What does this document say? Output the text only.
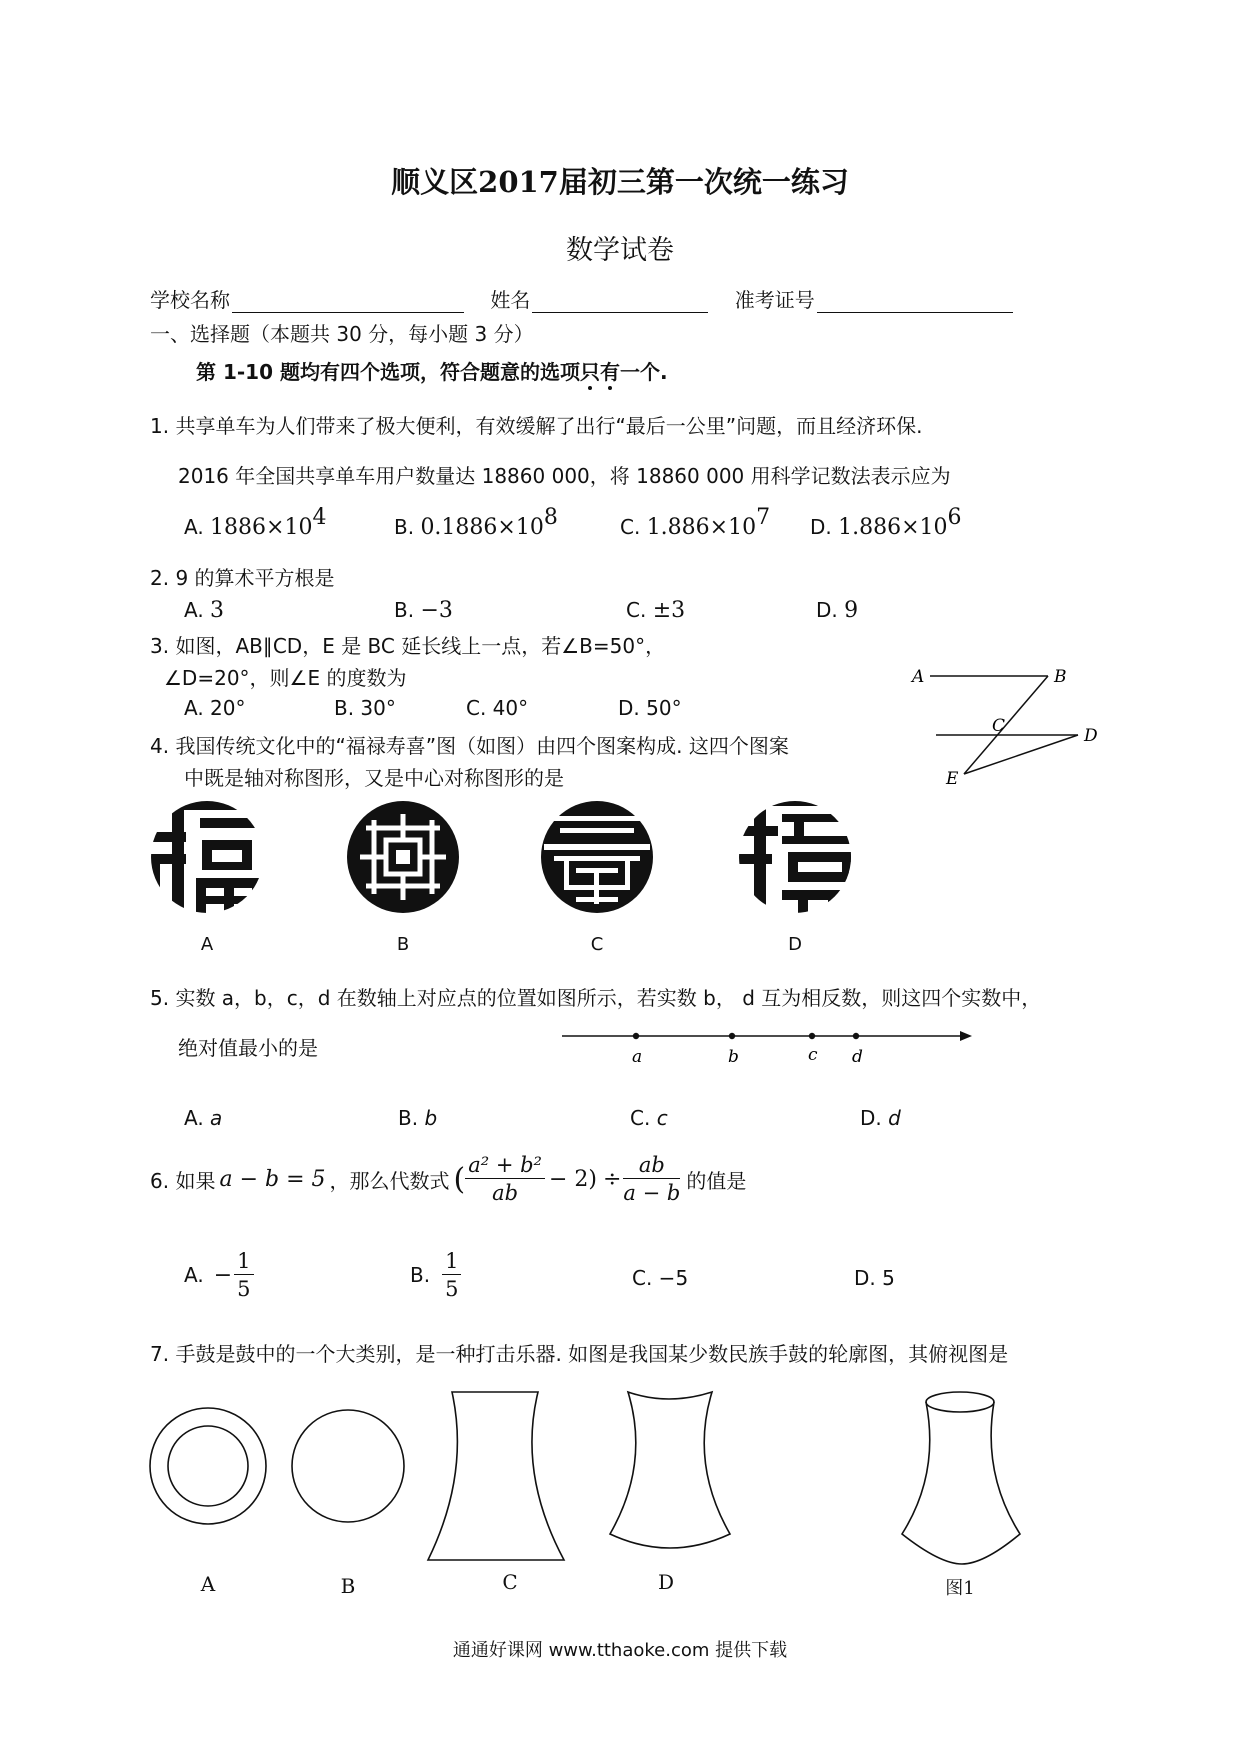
顺义区2017届初三第一次统一练习
数学试卷
学校名称	姓名	准考证号
一、选择题（本题共 30 分，每小题 3 分）
第 1-10 题均有四个选项，符合题意的选项只有一个.
1. 共享单车为人们带来了极大便利，有效缓解了出行“最后一公里”问题，而且经济环保.
2016 年全国共享单车用户数量达 18860 000，将 18860 000 用科学记数法表示应为
A. $1886\times 10^4$	B. $0.1886\times 10^8$	C. $1.886\times 10^7$ D. $1.886\times 10^6$
2. 9 的算术平方根是
A. 3	B. −3	C. ±3	D. 9
3. 如图，AB∥CD，E 是 BC 延长线上一点，若∠B=50°，
∠D=20°，则∠E 的度数为
A. 20°	B. 30°	C. 40°	D. 50°
A	B
C	D
E
4. 我国传统文化中的“福禄寿喜”图（如图）由四个图案构成. 这四个图案
中既是轴对称图形，又是中心对称图形的是
A	B	C	D
5. 实数 a，b，c，d 在数轴上对应点的位置如图所示，若实数 b， d 互为相反数，则这四个实数中，
绝对值最小的是	a	b	c d
A. a	B. b	C. c	D. d
6. 如果 a − b = 5 ，那么代数式 ( $\frac{\text{a² + b²}}{ab} - 2) \div \frac{ab}{a - b}$ 的值是
A. − $\frac{1}{5}$	B. $\frac{1}{5}$	C. −5	D. 5
7. 手鼓是鼓中的一个大类别，是一种打击乐器. 如图是我国某少数民族手鼓的轮廓图，其俯视图是
A	B	C	D	图1
通通好课网 www.tthaoke.com 提供下载
